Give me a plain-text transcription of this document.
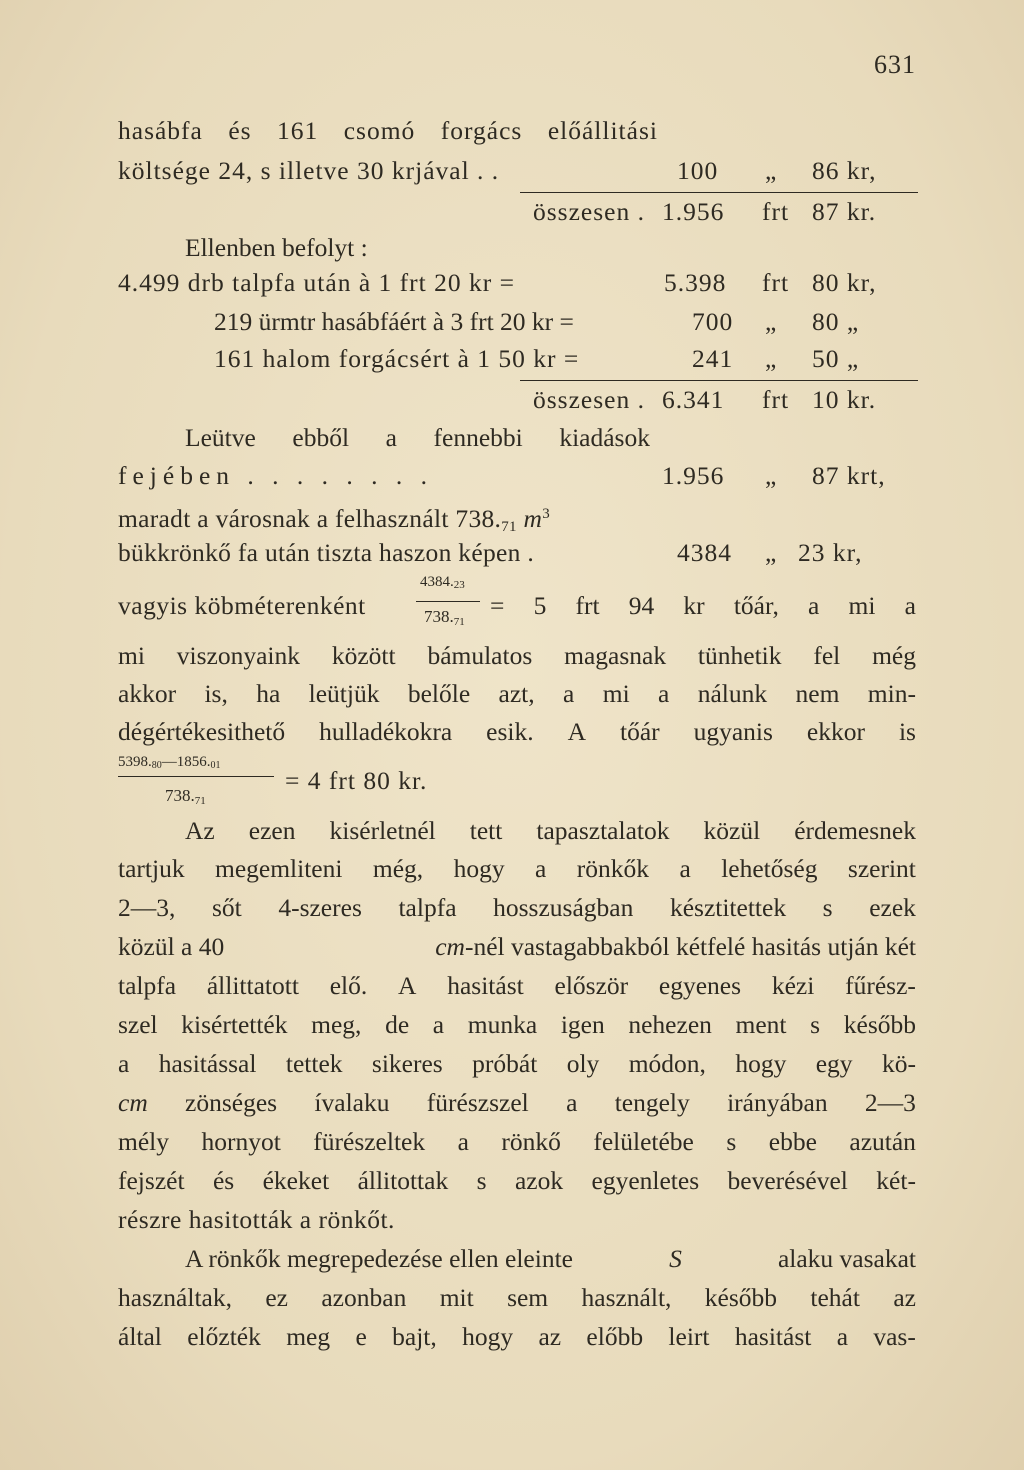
631
hasábfa és 161 csomó forgács előállitási
költsége 24, s illetve 30 krjával . .	100 „ 86 kr,
összesen . 1.956 frt 87 kr.
Ellenben befolyt :
4.499 drb talpfa után à 1 frt 20 kr =	5.398 frt 80 kr,
219 ürmtr hasábfáért à 3 frt 20 kr =	700 „ 80 „
161 halom forgácsért à 1 50 kr =	241 „ 50 „
összesen . 6.341 frt 10 kr.
Leütve ebből a fennebbi kiadások
fejében . . . . . . . .	1.956 „ 87 krt,
maradt a városnak a felhasznált $738._{71}$ $m^3$
bükkrönkő fa után tiszta haszon képen .	4384 „ 23 kr,
vagyis köbméterenként
$4384._{23}$
$738._{71}$
= 5 frt 94 kr tőár, a mi a
mi viszonyaink között bámulatos magasnak tünhetik fel még
akkor is, ha leütjük belőle azt, a mi a nálunk nem min-
dégértékesithető hulladékokra esik. A tőár ugyanis ekkor is
$5398._{80}—1856._{01}$
$738._{71}$
= 4 frt 80 kr.
Az ezen kisérletnél tett tapasztalatok közül érdemesnek
tartjuk megemliteni még, hogy a rönkők a lehetőség szerint
2—3, sőt 4-szeres talpfa hosszuságban késztitettek s ezek
közül a 40	cm-nél vastagabbakból kétfelé hasitás utján két
talpfa állittatott elő. A hasitást először egyenes kézi fűrész-
szel kisértették meg, de a munka igen nehezen ment s később
a hasitással tettek sikeres próbát oly módon, hogy egy kö-
cm zönséges ívalaku fürészszel a tengely irányában 2—3
mély hornyot fürészeltek a rönkő felületébe s ebbe azután
fejszét és ékeket állitottak s azok egyenletes beverésével két-
részre hasitották a rönkőt.
A rönkők megrepedezése ellen eleinte	S	alaku vasakat
használtak, ez azonban mit sem használt, később tehát az
által előzték meg e bajt, hogy az előbb leirt hasitást a vas-
